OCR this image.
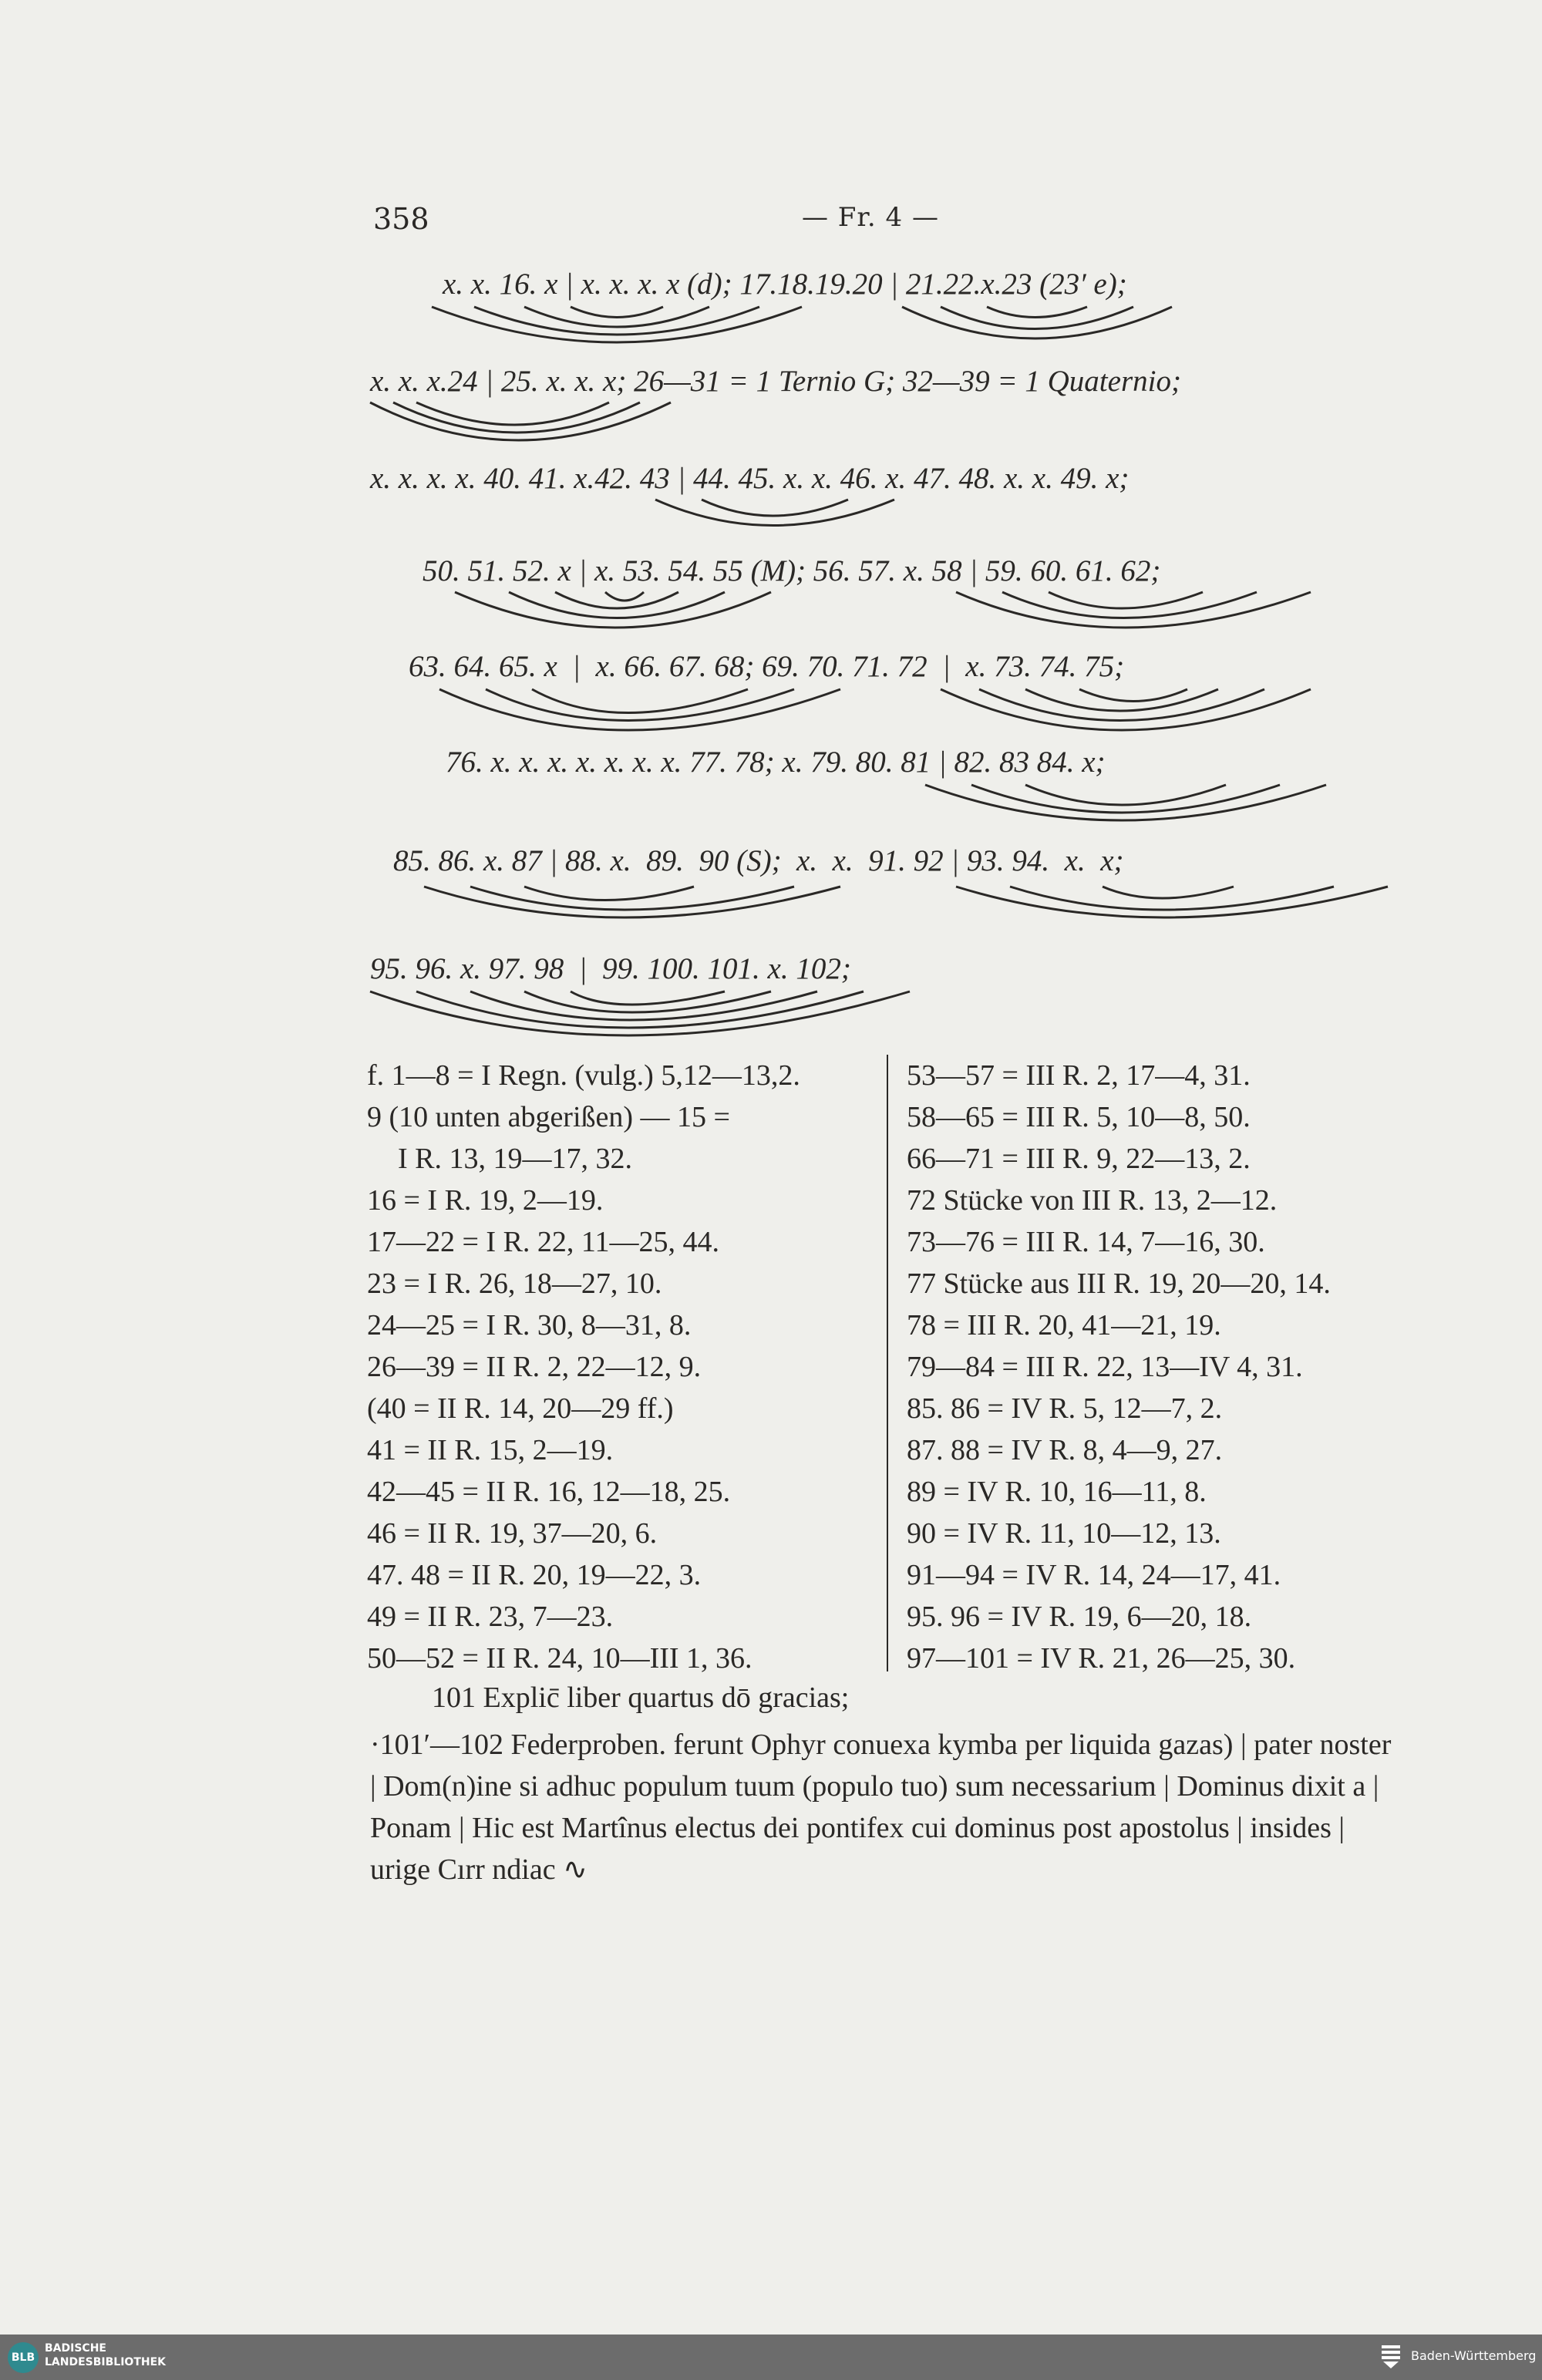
358	— Fr. 4 —
x. x. 16. x | x. x. x. x (d); 17.18.19.20 | 21.22.x.23 (23′ e);
x. x. x.24 | 25. x. x. x; 26—31 = 1 Ternio G; 32—39 = 1 Quaternio;
x. x. x. x. 40. 41. x.42. 43 | 44. 45. x. x. 46. x. 47. 48. x. x. 49. x;
50. 51. 52. x | x. 53. 54. 55 (M); 56. 57. x. 58 | 59. 60. 61. 62;
63. 64. 65. x  |  x. 66. 67. 68; 69. 70. 71. 72  |  x. 73. 74. 75;
76. x. x. x. x. x. x. x. 77. 78; x. 79. 80. 81 | 82. 83 84. x;
85. 86. x. 87 | 88. x.  89.  90 (S);  x.  x.  91. 92 | 93. 94.  x.  x;
95. 96. x. 97. 98  |  99. 100. 101. x. 102;
f. 1—8 = I Regn. (vulg.) 5,12—13,2.
9 (10 unten abgerißen) — 15 =
I R. 13, 19—17, 32.
16 = I R. 19, 2—19.
17—22 = I R. 22, 11—25, 44.
23 = I R. 26, 18—27, 10.
24—25 = I R. 30, 8—31, 8.
26—39 = II R. 2, 22—12, 9.
(40 = II R. 14, 20—29 ff.)
41 = II R. 15, 2—19.
42—45 = II R. 16, 12—18, 25.
46 = II R. 19, 37—20, 6.
47. 48 = II R. 20, 19—22, 3.
49 = II R. 23, 7—23.
50—52 = II R. 24, 10—III 1, 36.
53—57 = III R. 2, 17—4, 31.
58—65 = III R. 5, 10—8, 50.
66—71 = III R. 9, 22—13, 2.
72 Stücke von III R. 13, 2—12.
73—76 = III R. 14, 7—16, 30.
77 Stücke aus III R. 19, 20—20, 14.
78 = III R. 20, 41—21, 19.
79—84 = III R. 22, 13—IV 4, 31.
85. 86 = IV R. 5, 12—7, 2.
87. 88 = IV R. 8, 4—9, 27.
89 = IV R. 10, 16—11, 8.
90 = IV R. 11, 10—12, 13.
91—94 = IV R. 14, 24—17, 41.
95. 96 = IV R. 19, 6—20, 18.
97—101 = IV R. 21, 26—25, 30.
101 Explic̄ liber quartus dō gracias;
·101′—102 Federproben. ferunt Ophyr conuexa kymba per liquida gazas) | pater noster | Dom(n)ine si adhuc populum tuum (populo tuo) sum necessarium | Dominus dixit a | Ponam | Hic est Martînus electus dei pontifex cui dominus post apostolus | insides | urige Cırr ndiac ∿
BLB
BADISCHE
LANDESBIBLIOTHEK	Baden-Württemberg
